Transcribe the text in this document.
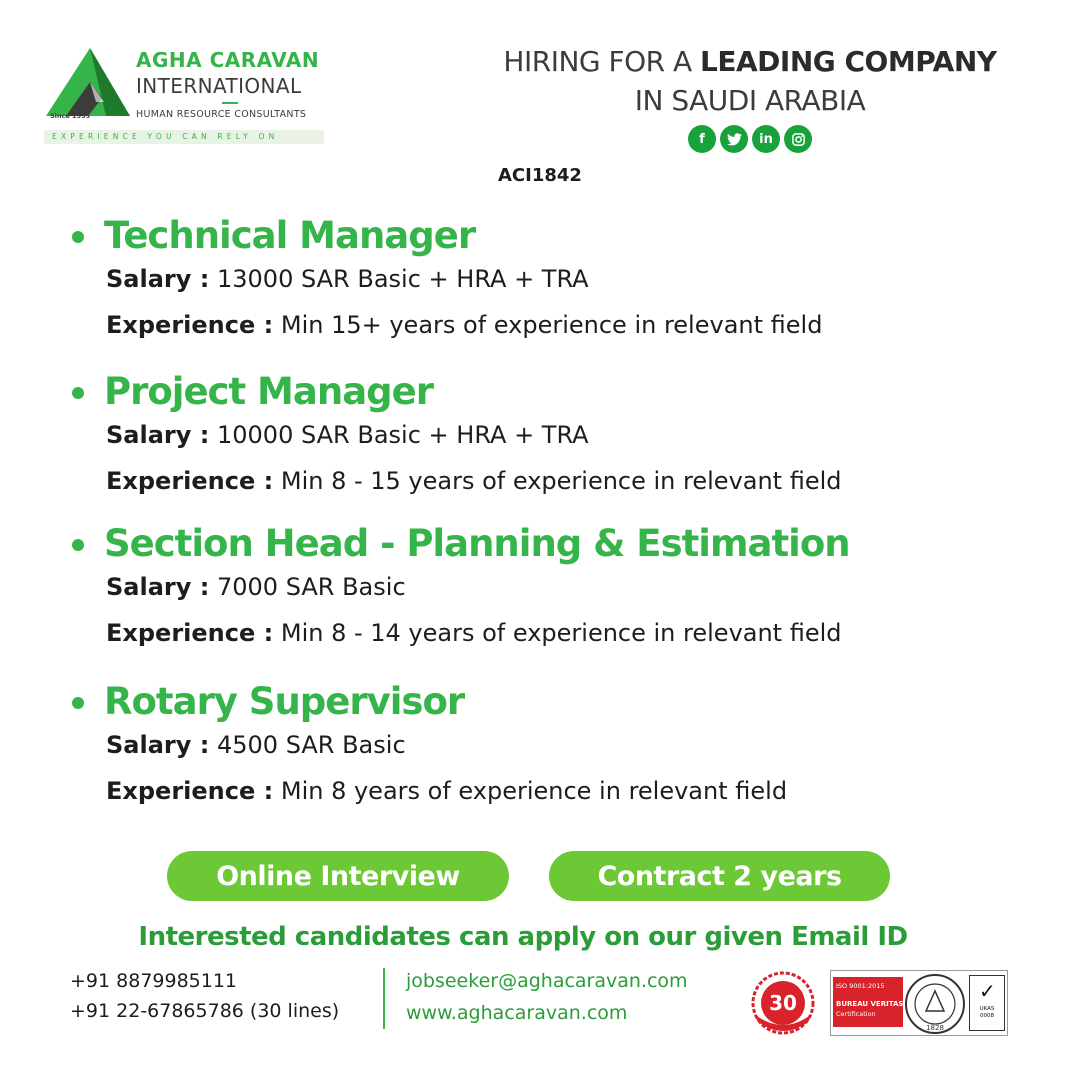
Since 1995
AGHA CARAVAN
INTERNATIONAL
HUMAN RESOURCE CONSULTANTS
EXPERIENCE YOU CAN RELY ON
HIRING FOR A LEADING COMPANY
IN SAUDI ARABIA
f	in
ACI1842
Technical Manager
Salary : 13000 SAR Basic + HRA + TRA
Experience : Min 15+ years of experience in relevant field
Project Manager
Salary : 10000 SAR Basic + HRA + TRA
Experience : Min 8 - 15 years of experience in relevant field
Section Head - Planning & Estimation
Salary : 7000 SAR Basic
Experience : Min 8 - 14 years of experience in relevant field
Rotary Supervisor
Salary : 4500 SAR Basic
Experience : Min 8 years of experience in relevant field
Online Interview	Contract 2 years
Interested candidates can apply on our given Email ID
+91 8879985111
+91 22-67865786 (30 lines)
jobseeker@aghacaravan.com
www.aghacaravan.com	30
ISO 9001:2015
BUREAU VERITAS
Certification
1828
✓
UKAS
0008
